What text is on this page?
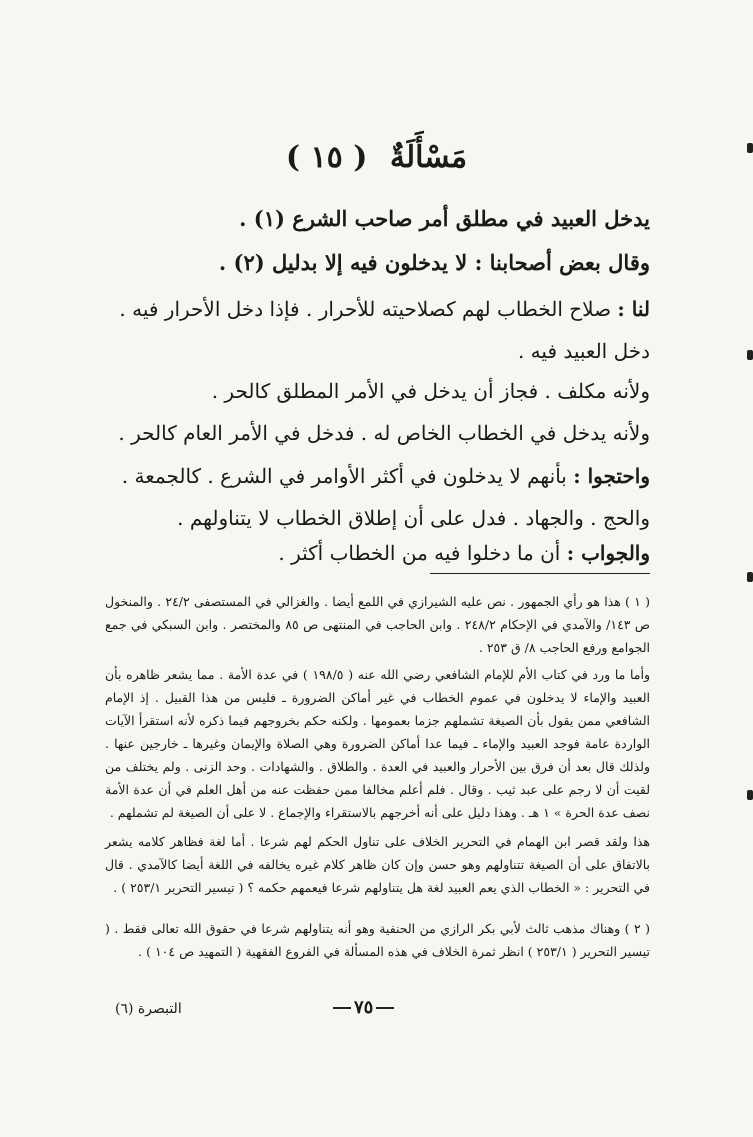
مَسْأَلَةٌ ( ١٥ )
يدخل العبيد في مطلق أمر صاحب الشرع (١) .
وقال بعض أصحابنا : لا يدخلون فيه إلا بدليل (٢) .
لنا : صلاح الخطاب لهم كصلاحيته للأحرار . فإذا دخل الأحرار فيه . دخل العبيد فيه .
ولأنه مكلف . فجاز أن يدخل في الأمر المطلق كالحر .
ولأنه يدخل في الخطاب الخاص له . فدخل في الأمر العام كالحر .
واحتجوا : بأنهم لا يدخلون في أكثر الأوامر في الشرع . كالجمعة . والحج . والجهاد . فدل على أن إطلاق الخطاب لا يتناولهم .
والجواب : أن ما دخلوا فيه من الخطاب أكثر .
( ١ ) هذا هو رأي الجمهور . نص عليه الشيرازي في اللمع أيضا . والغزالي في المستصفى ٢٤/٢ . والمنخول ص ١٤٣/ والآمدي في الإحكام ٢٤٨/٢ . وابن الحاجب في المنتهى ص ٨٥ والمختصر . وابن السبكي في جمع الجوامع ورفع الحاجب ٨/ ق ٢٥٣ .
وأما ما ورد في كتاب الأم للإمام الشافعي رضي الله عنه ( ١٩٨/٥ ) في عدة الأمة . مما يشعر ظاهره بأن العبيد والإماء لا يدخلون في عموم الخطاب في غير أماكن الضرورة ـ فليس من هذا القبيل . إذ الإمام الشافعي ممن يقول بأن الصيغة تشملهم جزما بعمومها . ولكنه حكم بخروجهم فيما ذكره لأنه استقرأ الآيات الواردة عامة فوجد العبيد والإماء ـ فيما عدا أماكن الضرورة وهي الصلاة والإيمان وغيرها ـ خارجين عنها . ولذلك قال بعد أن فرق بين الأحرار والعبيد في العدة . والطلاق . والشهادات . وحد الزنى . ولم يختلف من لقيت أن لا رجم على عبد ثيب . وقال . فلم أعلم مخالفا ممن حفظت عنه من أهل العلم في أن عدة الأمة نصف عدة الحرة » ١ هـ . وهذا دليل على أنه أخرجهم بالاستقراء والإجماع . لا على أن الصيغة لم تشملهم .
هذا ولقد قصر ابن الهمام في التحرير الخلاف على تناول الحكم لهم شرعا . أما لغة فظاهر كلامه يشعر بالاتفاق على أن الصيغة تتناولهم وهو حسن وإن كان ظاهر كلام غيره يخالفه في اللغة أيضا كالآمدي . قال في التحرير : « الخطاب الذي يعم العبيد لغة هل يتناولهم شرعا فيعمهم حكمه ؟ ( تيسير التحرير ٢٥٣/١ ) .
( ٢ ) وهناك مذهب ثالث لأبي بكر الرازي من الحنفية وهو أنه يتناولهم شرعا في حقوق الله تعالى فقط . ( تيسير التحرير ( ٢٥٣/١ ) انظر ثمرة الخلاف في هذه المسألة في الفروع الفقهية ( التمهيد ص ١٠٤ ) .
٧٥
التبصرة (٦)
